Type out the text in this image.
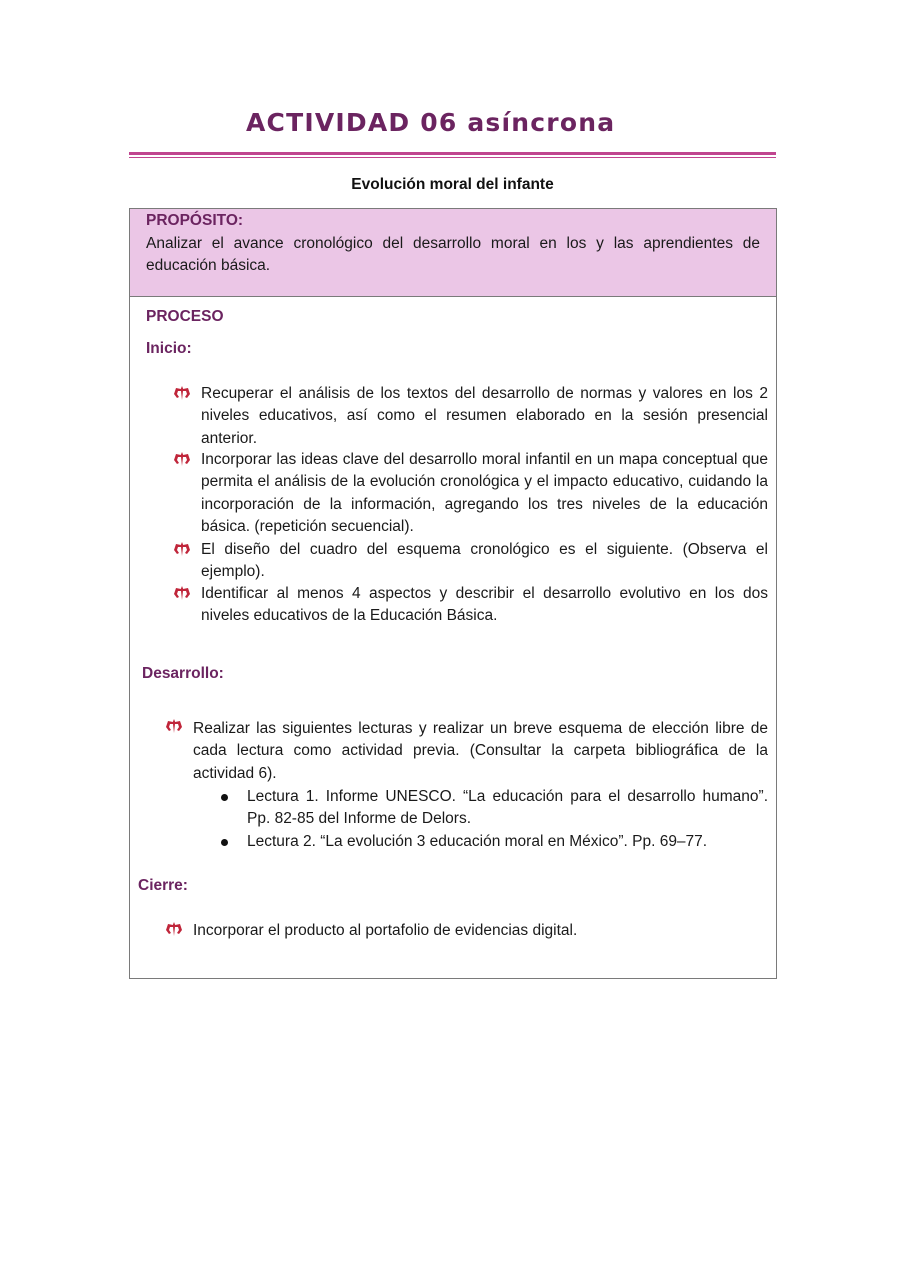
ACTIVIDAD 06 asíncrona
Evolución moral del infante
PROPÓSITO:
Analizar el avance cronológico del desarrollo moral en los y las aprendientes de educación básica.
PROCESO
Inicio:
Recuperar el análisis de los textos del desarrollo de normas y valores en los 2 niveles educativos, así como el resumen elaborado en la sesión presencial anterior.
Incorporar las ideas clave del desarrollo moral infantil en un mapa conceptual que permita el análisis de la evolución cronológica y el impacto educativo, cuidando la incorporación de la información, agregando los tres niveles de la educación básica. (repetición secuencial).
El diseño del cuadro del esquema cronológico es el siguiente. (Observa el ejemplo).
Identificar al menos 4 aspectos y describir el desarrollo evolutivo en los dos niveles educativos de la Educación Básica.
Desarrollo:
Realizar las siguientes lecturas y realizar un breve esquema de elección libre de cada lectura como actividad previa. (Consultar la carpeta bibliográfica de la actividad 6).
Lectura 1. Informe UNESCO. “La educación para el desarrollo humano”. Pp. 82-85 del Informe de Delors.
Lectura 2. “La evolución 3 educación moral en México”. Pp. 69–77.
Cierre:
Incorporar el producto al portafolio de evidencias digital.
